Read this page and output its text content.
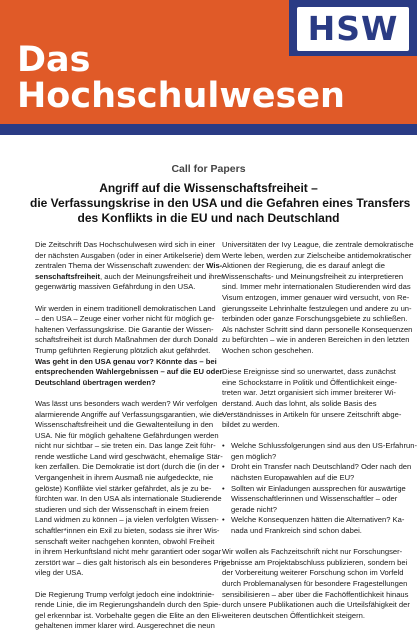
HSW
Das
Hochschulwesen
Call for Papers
Angriff auf die Wissenschaftsfreiheit –
die Verfassungskrise in den USA und die Gefahren eines Transfers
des Konflikts in die EU und nach Deutschland
Die Zeitschrift Das Hochschulwesen wird sich in einer
der nächsten Ausgaben (oder in einer Artikelserie) dem
zentralen Thema der Wissenschaft zuwenden: der Wis-
senschaftsfreiheit, auch der Meinungsfreiheit und ihrer
gegenwärtig massiven Gefährdung in den USA.
Wir werden in einem traditionell demokratischen Land
– den USA – Zeuge einer vorher nicht für möglich ge-
haltenen Verfassungskrise. Die Garantie der Wissen-
schaftsfreiheit ist durch Maßnahmen der durch Donald
Trump geführten Regierung plötzlich akut gefährdet.
Was geht in den USA genau vor? Könnte das – bei
entsprechenden Wahlergebnissen – auf die EU oder
Deutschland übertragen werden?
Was lässt uns besonders wach werden? Wir verfolgen
alarmierende Angriffe auf Verfassungsgarantien, wie die
Wissenschaftsfreiheit und die Gewaltenteilung in den
USA. Nie für möglich gehaltene Gefährdungen werden
nicht nur sichtbar – sie treten ein. Das lange Zeit führ-
rende westliche Land wird geschwächt, ehemalige Stär-
ken zerfallen. Die Demokratie ist dort (durch die (in der
Vergangenheit in ihrem Ausmaß nie aufgedeckte, nie
gelöste) Konflikte viel stärker gefährdet, als je zu be-
fürchten war. In den USA als internationale Studierende
studieren und sich der Wissenschaft in einem freien
Land widmen zu können – ja vielen verfolgten Wissen-
schaftler*innen ein Exil zu bieten, sodass sie ihrer Wis-
senschaft weiter nachgehen konnten, obwohl Freiheit
in ihrem Herkunftsland nicht mehr garantiert oder sogar
zerstört war – dies galt historisch als ein besonderes Pri-
vileg der USA.
Die Regierung Trump verfolgt jedoch eine indoktrinie-
rende Linie, die im Regierungshandeln durch den Spie-
gel erkennbar ist. Vorbehalte gegen die Elite an den Eli-
gehaltenen immer klarer wird. Ausgerechnet die neun
Universitäten der Ivy League, die zentrale demokratische
Werte leben, werden zur Zielscheibe antidemokratischer
Aktionen der Regierung, die es darauf anlegt die
Wissenschafts- und Meinungsfreiheit zu interpretieren
sind. Immer mehr internationalen Studierenden wird das
Visum entzogen, immer genauer wird versucht, von Re-
gierungsseite Lehrinhalte festzulegen und andere zu un-
terbinden oder ganze Forschungsgebiete zu schließen.
Als nächster Schritt sind dann personelle Konsequenzen
zu befürchten – wie in anderen Bereichen in den letzten
Wochen schon geschehen.
Diese Ereignisse sind so unerwartet, dass zunächst
eine Schockstarre in Politik und Öffentlichkeit einge-
treten war. Jetzt organisiert sich immer breiterer Wi-
derstand. Auch das lohnt, als solide Basis des
Verständnisses in Artikeln für unsere Zeitschrift abge-
bildet zu werden.
• Welche Schlussfolgerungen sind aus den US-Erfahrun-
gen möglich?
• Droht ein Transfer nach Deutschland? Oder nach den
nächsten Europawahlen auf die EU?
• Sollten wir Einladungen aussprechen für auswärtige
Wissenschaftlerinnen und Wissenschaftler – oder
gerade nicht?
• Welche Konsequenzen hätten die Alternativen? Ka-
nada und Frankreich sind schon dabei.
Wir wollen als Fachzeitschrift nicht nur Forschungser-
gebnisse am Projektabschluss publizieren, sondern bei
der Vorbereitung weiterer Forschung schon im Vorfeld
durch Problemanalysen für besondere Fragestellungen
sensibilisieren – aber über die Fachöffentlichkeit hinaus
durch unsere Publikationen auch die Urteilsfähigkeit der
weiteren deutschen Öffentlichkeit steigern.
